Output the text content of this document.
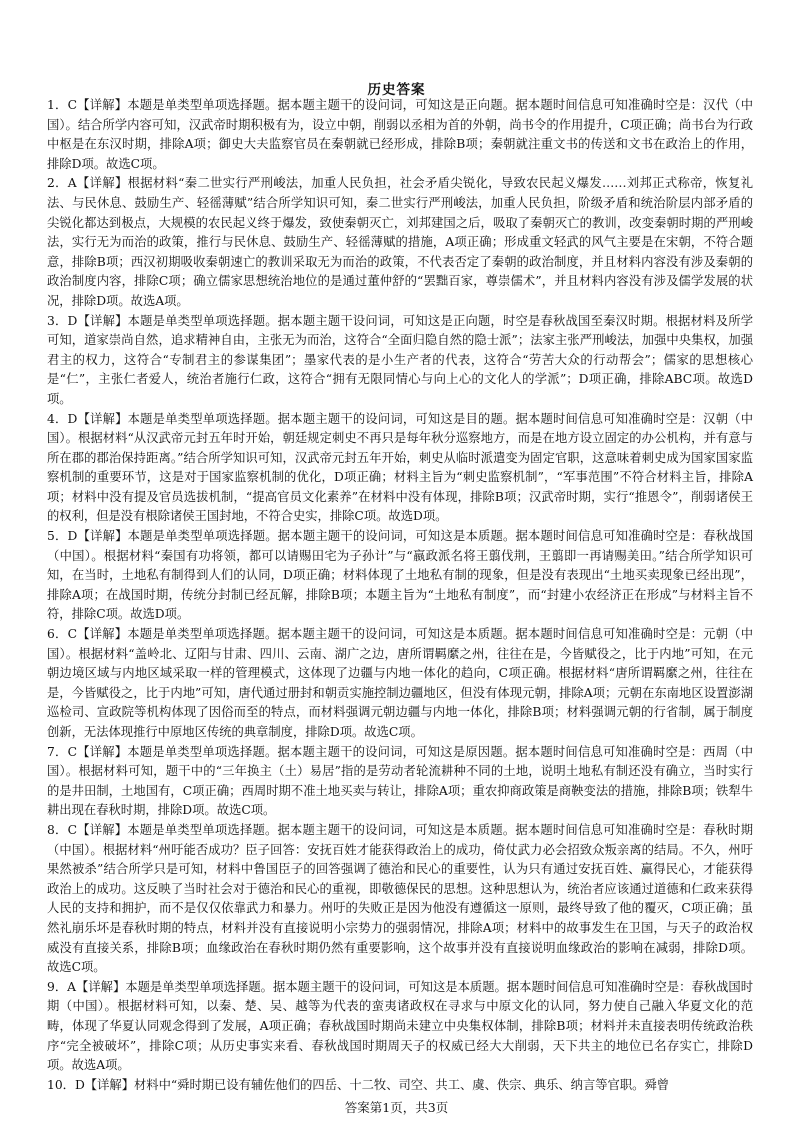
历史答案

1．C【详解】本题是单类型单项选择题。据本题主题干的设问词，可知这是正向题。据本题时间信息可知准确时空是：汉代（中国）。结合所学内容可知，汉武帝时期积极有为，设立中朝，削弱以丞相为首的外朝，尚书令的作用提升，C项正确；尚书台为行政中枢是在东汉时期，排除A项；御史大夫监察官员在秦朝就已经形成，排除B项；秦朝就注重文书的传送和文书在政治上的作用，排除D项。故选C项。

2．A【详解】根据材料“秦二世实行严刑峻法，加重人民负担，社会矛盾尖锐化，导致农民起义爆发……刘邦正式称帝，恢复礼法、与民休息、鼓励生产、轻徭薄赋”结合所学知识可知，秦二世实行严刑峻法，加重人民负担，阶级矛盾和统治阶层内部矛盾的尖锐化都达到极点，大规模的农民起义终于爆发，致使秦朝灭亡，刘邦建国之后，吸取了秦朝灭亡的教训，改变秦朝时期的严刑峻法，实行无为而治的政策，推行与民休息、鼓励生产、轻徭薄赋的措施，A项正确；形成重文轻武的风气主要是在宋朝，不符合题意，排除B项；西汉初期吸收秦朝速亡的教训采取无为而治的政策，不代表否定了秦朝的政治制度，并且材料内容没有涉及秦朝的政治制度内容，排除C项；确立儒家思想统治地位的是通过董仲舒的“罢黜百家，尊崇儒术”，并且材料内容没有涉及儒学发展的状况，排除D项。故选A项。

3．D【详解】本题是单类型单项选择题。据本题主题干设问词，可知这是正向题，时空是春秋战国至秦汉时期。根据材料及所学可知，道家崇尚自然，追求精神自由，主张无为而治，这符合“全面归隐自然的隐士派”；法家主张严刑峻法，加强中央集权，加强君主的权力，这符合“专制君主的参谋集团”；墨家代表的是小生产者的代表，这符合“劳苦大众的行动帮会”；儒家的思想核心是“仁”，主张仁者爱人，统治者施行仁政，这符合“拥有无限同情心与向上心的文化人的学派”；D项正确，排除ABC项。故选D项。

4．D【详解】本题是单类型单项选择题。据本题主题干的设问词，可知这是目的题。据本题时间信息可知准确时空是：汉朝（中国）。根据材料“从汉武帝元封五年时开始，朝廷规定刺史不再只是每年秋分巡察地方，而是在地方设立固定的办公机构，并有意与所在郡的郡治保持距离。”结合所学知识可知，汉武帝元封五年开始，刺史从临时派遣变为固定官职，这意味着刺史成为国家国家监察机制的重要环节，这是对于国家监察机制的优化，D项正确；材料主旨为“刺史监察机制”，“军事范围”不符合材料主旨，排除A项；材料中没有提及官员选拔机制，“提高官员文化素养”在材料中没有体现，排除B项；汉武帝时期，实行“推恩令”，削弱诸侯王的权利，但是没有根除诸侯王国封地，不符合史实，排除C项。故选D项。

5．D【详解】本题是单类型单项选择题。据本题主题干的设问词，可知这是本质题。据本题时间信息可知准确时空是：春秋战国（中国）。根据材料“秦国有功将领，都可以请赐田宅为子孙计”与“嬴政派名将王翦伐荆，王翦即一再请赐美田。”结合所学知识可知，在当时，土地私有制得到人们的认同，D项正确；材料体现了土地私有制的现象，但是没有表现出“土地买卖现象已经出现”，排除A项；在战国时期，传统分封制已经瓦解，排除B项；本题主旨为“土地私有制度”，而“封建小农经济正在形成”与材料主旨不符，排除C项。故选D项。

6．C【详解】本题是单类型单项选择题。据本题主题干的设问词，可知这是本质题。据本题时间信息可知准确时空是：元朝（中国）。根据材料“盖岭北、辽阳与甘肃、四川、云南、湖广之边，唐所谓羁縻之州，往往在是，今皆赋役之，比于内地”可知，在元朝边境区域与内地区域采取一样的管理模式，这体现了边疆与内地一体化的趋向，C项正确。根据材料“唐所谓羁縻之州，往往在是，今皆赋役之，比于内地”可知，唐代通过册封和朝贡实施控制边疆地区，但没有体现元朝，排除A项；元朝在东南地区设置澎湖巡检司、宣政院等机构体现了因俗而至的特点，而材料强调元朝边疆与内地一体化，排除B项；材料强调元朝的行省制，属于制度创新，无法体现推行中原地区传统的典章制度，排除D项。故选C项。

7．C【详解】本题是单类型单项选择题。据本题主题干的设问词，可知这是原因题。据本题时间信息可知准确时空是：西周（中国）。根据材料可知，题干中的“三年换主（土）易居”指的是劳动者轮流耕种不同的土地，说明土地私有制还没有确立，当时实行的是井田制，土地国有，C项正确；西周时期不准土地买卖与转让，排除A项；重农抑商政策是商鞅变法的措施，排除B项；铁犁牛耕出现在春秋时期，排除D项。故选C项。

8．C【详解】本题是单类型单项选择题。据本题主题干的设问词，可知这是本质题。据本题时间信息可知准确时空是：春秋时期（中国）。根据材料“州吁能否成功？臣子回答：安抚百姓才能获得政治上的成功，倚仗武力必会招致众叛亲离的结局。不久，州吁果然被杀”结合所学只是可知，材料中鲁国臣子的回答强调了德治和民心的重要性，认为只有通过安抚百姓、赢得民心，才能获得政治上的成功。这反映了当时社会对于德治和民心的重视，即敬德保民的思想。这种思想认为，统治者应该通过道德和仁政来获得人民的支持和拥护，而不是仅仅依靠武力和暴力。州吁的失败正是因为他没有遵循这一原则，最终导致了他的覆灭，C项正确；虽然礼崩乐坏是春秋时期的特点，材料并没有直接说明小宗势力的强弱情况，排除A项；材料中的故事发生在卫国，与天子的政治权威没有直接关系，排除B项；血缘政治在春秋时期仍然有重要影响，这个故事并没有直接说明血缘政治的影响在减弱，排除D项。故选C项。

9．A【详解】本题是单类型单项选择题。据本题主题干的设问词，可知这是本质题。据本题时间信息可知准确时空是：春秋战国时期（中国）。根据材料可知，以秦、楚、吴、越等为代表的蛮夷诸政权在寻求与中原文化的认同，努力使自己融入华夏文化的范畴，体现了华夏认同观念得到了发展，A项正确；春秋战国时期尚未建立中央集权体制，排除B项；材料并未直接表明传统政治秩序“完全被破坏”，排除C项；从历史事实来看、春秋战国时期周天子的权威已经大大削弱，天下共主的地位已名存实亡，排除D项。故选A项。

10．D【详解】材料中“舜时期已设有辅佐他们的四岳、十二牧、司空、共工、虞、佚宗、典乐、纳言等官职。舜曾

答案第1页，共3页
